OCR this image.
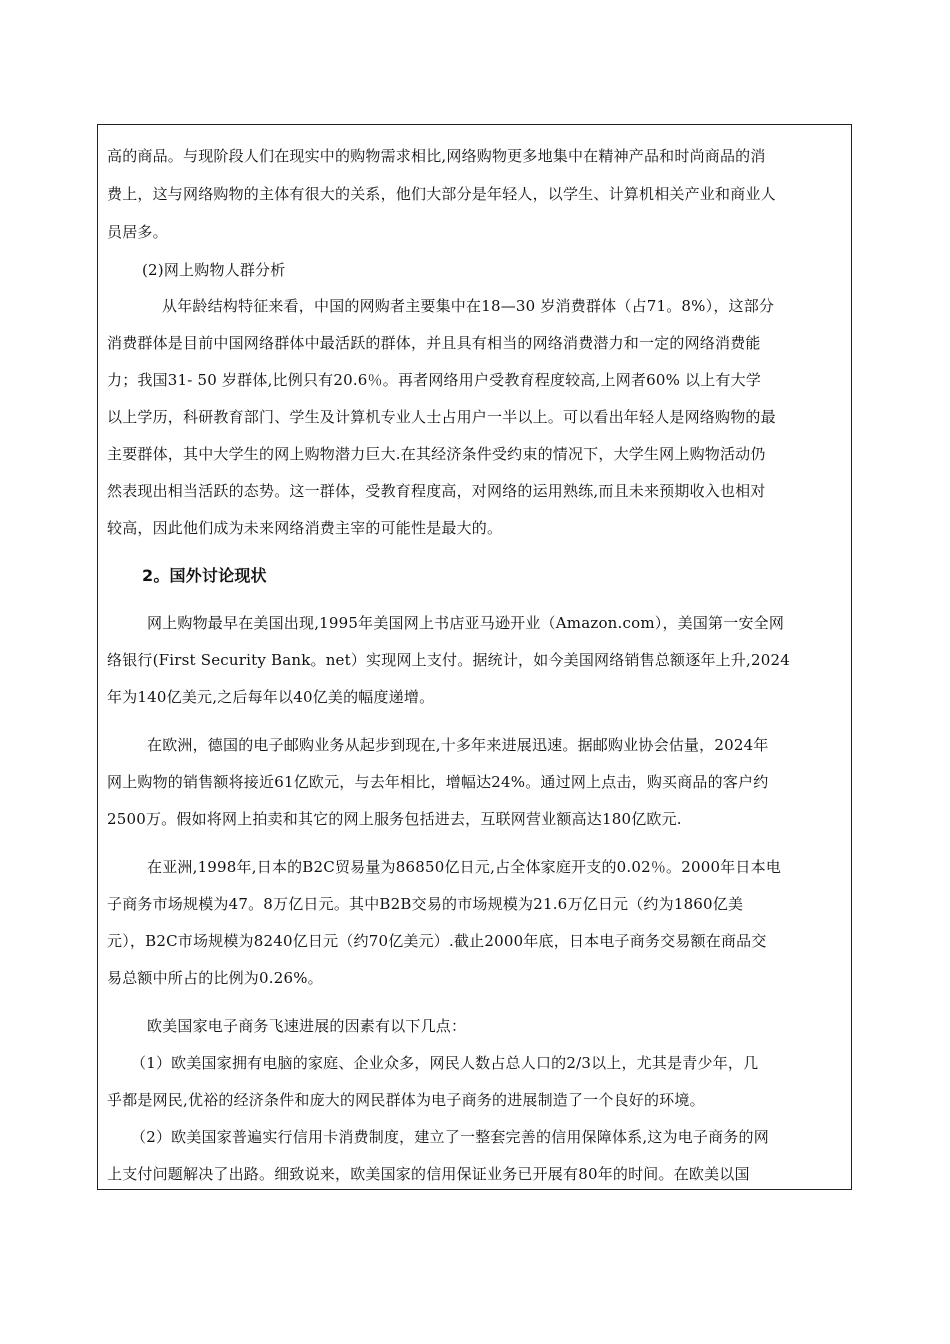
高的商品。与现阶段人们在现实中的购物需求相比,网络购物更多地集中在精神产品和时尚商品的消
费上，这与网络购物的主体有很大的关系，他们大部分是年轻人，以学生、计算机相关产业和商业人
员居多。
(2)网上购物人群分析
从年龄结构特征来看，中国的网购者主要集中在18—30 岁消费群体（占71。8%），这部分
消费群体是目前中国网络群体中最活跃的群体，并且具有相当的网络消费潜力和一定的网络消费能
力；我国31- 50 岁群体,比例只有20.6％。再者网络用户受教育程度较高,上网者60% 以上有大学
以上学历，科研教育部门、学生及计算机专业人士占用户一半以上。可以看出年轻人是网络购物的最
主要群体，其中大学生的网上购物潜力巨大.在其经济条件受约束的情况下，大学生网上购物活动仍
然表现出相当活跃的态势。这一群体，受教育程度高，对网络的运用熟练,而且未来预期收入也相对
较高，因此他们成为未来网络消费主宰的可能性是最大的。
2。国外讨论现状
网上购物最早在美国出现,1995年美国网上书店亚马逊开业（Amazon.com），美国第一安全网
络银行(First Security Bank。net）实现网上支付。据统计，如今美国网络销售总额逐年上升,2024
年为140亿美元,之后每年以40亿美的幅度递增。
在欧洲，德国的电子邮购业务从起步到现在,十多年来进展迅速。据邮购业协会估量，2024年
网上购物的销售额将接近61亿欧元，与去年相比，增幅达24%。通过网上点击，购买商品的客户约
2500万。假如将网上拍卖和其它的网上服务包括进去，互联网营业额高达180亿欧元.
在亚洲,1998年,日本的B2C贸易量为86850亿日元,占全体家庭开支的0.02％。2000年日本电
子商务市场规模为47。8万亿日元。其中B2B交易的市场规模为21.6万亿日元（约为1860亿美
元），B2C市场规模为8240亿日元（约70亿美元）.截止2000年底，日本电子商务交易额在商品交
易总额中所占的比例为0.26%。
欧美国家电子商务飞速进展的因素有以下几点：
（1）欧美国家拥有电脑的家庭、企业众多，网民人数占总人口的2/3以上，尤其是青少年，几
乎都是网民,优裕的经济条件和庞大的网民群体为电子商务的进展制造了一个良好的环境。
（2）欧美国家普遍实行信用卡消费制度，建立了一整套完善的信用保障体系,这为电子商务的网
上支付问题解决了出路。细致说来，欧美国家的信用保证业务已开展有80年的时间。在欧美以国
